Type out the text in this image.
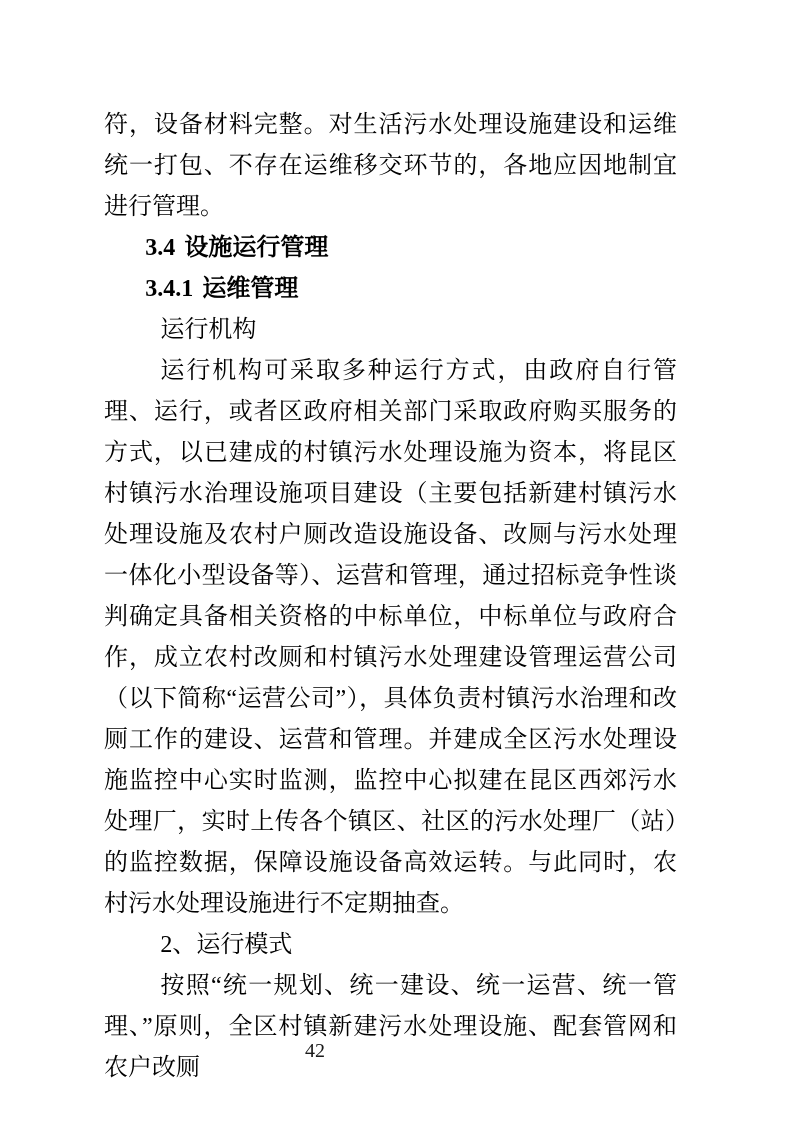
符，设备材料完整。对生活污水处理设施建设和运维统一打包、不存在运维移交环节的，各地应因地制宜进行管理。

3.4 设施运行管理

3.4.1 运维管理

运行机构

运行机构可采取多种运行方式，由政府自行管理、运行，或者区政府相关部门采取政府购买服务的方式，以已建成的村镇污水处理设施为资本，将昆区村镇污水治理设施项目建设（主要包括新建村镇污水处理设施及农村户厕改造设施设备、改厕与污水处理一体化小型设备等）、运营和管理，通过招标竞争性谈判确定具备相关资格的中标单位，中标单位与政府合作，成立农村改厕和村镇污水处理建设管理运营公司（以下简称“运营公司”），具体负责村镇污水治理和改厕工作的建设、运营和管理。并建成全区污水处理设施监控中心实时监测，监控中心拟建在昆区西郊污水处理厂，实时上传各个镇区、社区的污水处理厂（站）的监控数据，保障设施设备高效运转。与此同时，农村污水处理设施进行不定期抽查。

2、运行模式

按照“统一规划、统一建设、统一运营、统一管理、”原则，全区村镇新建污水处理设施、配套管网和农户改厕

42
